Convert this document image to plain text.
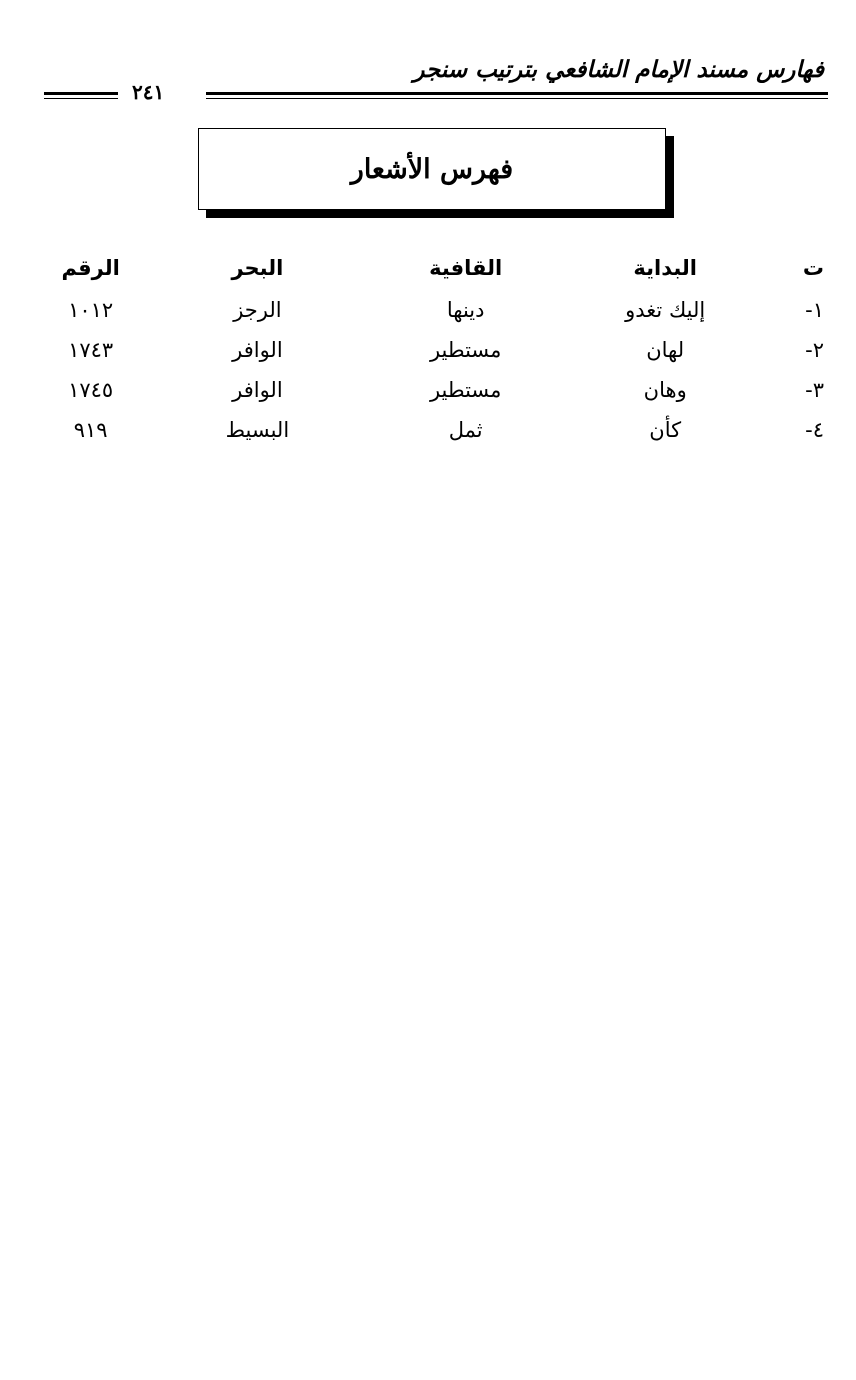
فهارس مسند الإمام الشافعي بترتيب سنجر
٢٤١
فهرس الأشعار
ت	البداية	القافية	البحر	الرقم
١-	إليك تغدو	دينها	الرجز	١٠١٢
٢-	لهان	مستطير	الوافر	١٧٤٣
٣-	وهان	مستطير	الوافر	١٧٤٥
٤-	كأن	ثمل	البسيط	٩١٩
